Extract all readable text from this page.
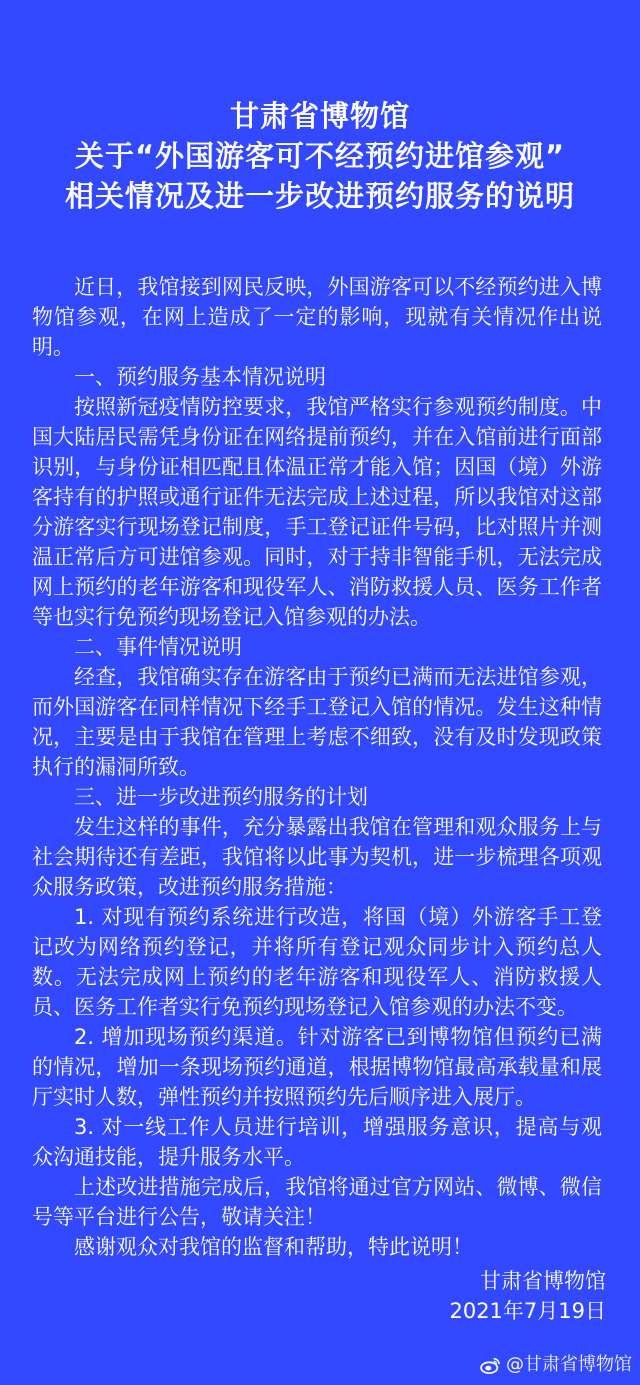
甘肃省博物馆
关于“外国游客可不经预约进馆参观”
相关情况及进一步改进预约服务的说明

近日，我馆接到网民反映，外国游客可以不经预约进入博物馆参观，在网上造成了一定的影响，现就有关情况作出说明。

一、预约服务基本情况说明

按照新冠疫情防控要求，我馆严格实行参观预约制度。中国大陆居民需凭身份证在网络提前预约，并在入馆前进行面部识别，与身份证相匹配且体温正常才能入馆；因国（境）外游客持有的护照或通行证件无法完成上述过程，所以我馆对这部分游客实行现场登记制度，手工登记证件号码，比对照片并测温正常后方可进馆参观。同时，对于持非智能手机，无法完成网上预约的老年游客和现役军人、消防救援人员、医务工作者等也实行免预约现场登记入馆参观的办法。

二、事件情况说明

经查，我馆确实存在游客由于预约已满而无法进馆参观，而外国游客在同样情况下经手工登记入馆的情况。发生这种情况，主要是由于我馆在管理上考虑不细致，没有及时发现政策执行的漏洞所致。

三、进一步改进预约服务的计划

发生这样的事件，充分暴露出我馆在管理和观众服务上与社会期待还有差距，我馆将以此事为契机，进一步梳理各项观众服务政策，改进预约服务措施：

1. 对现有预约系统进行改造，将国（境）外游客手工登记改为网络预约登记，并将所有登记观众同步计入预约总人数。无法完成网上预约的老年游客和现役军人、消防救援人员、医务工作者实行免预约现场登记入馆参观的办法不变。

2. 增加现场预约渠道。针对游客已到博物馆但预约已满的情况，增加一条现场预约通道，根据博物馆最高承载量和展厅实时人数，弹性预约并按照预约先后顺序进入展厅。

3. 对一线工作人员进行培训，增强服务意识，提高与观众沟通技能，提升服务水平。

上述改进措施完成后，我馆将通过官方网站、微博、微信号等平台进行公告，敬请关注！

感谢观众对我馆的监督和帮助，特此说明！

甘肃省博物馆
2021年7月19日
@甘肃省博物馆
